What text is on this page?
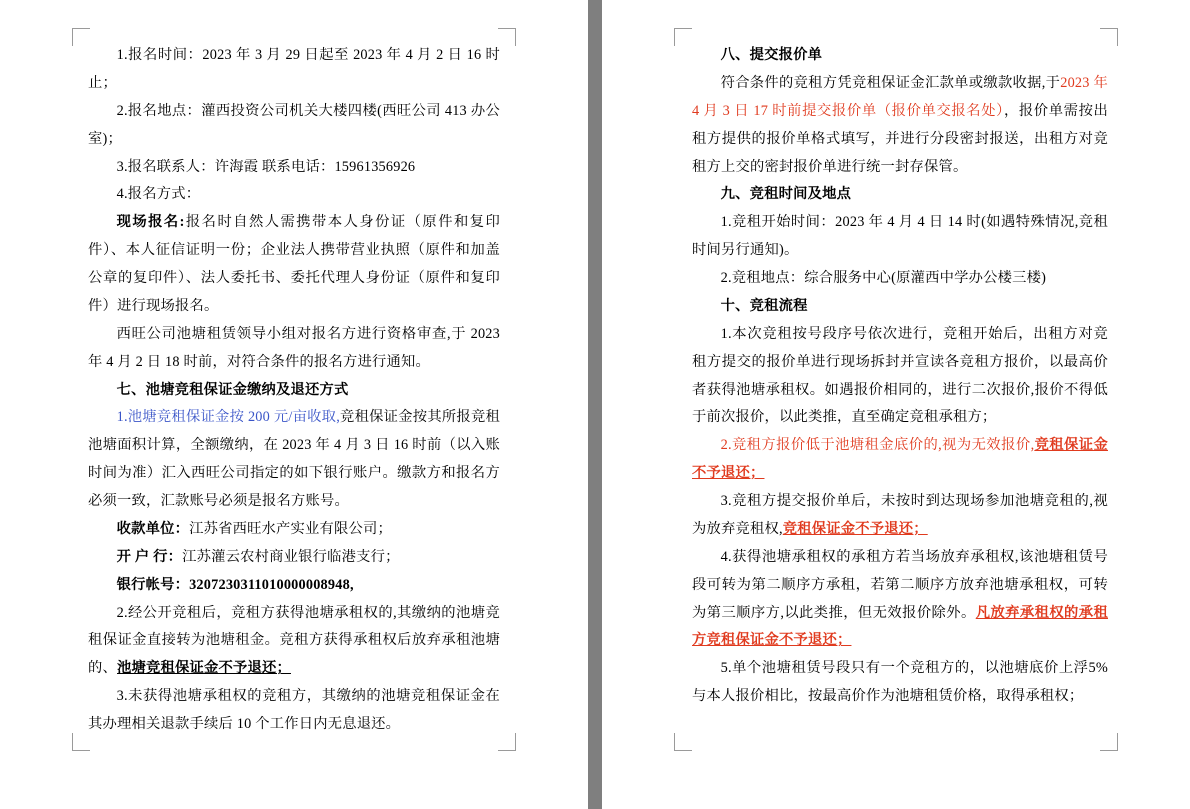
1.报名时间：2023 年 3 月 29 日起至 2023 年 4 月 2 日 16 时止；

2.报名地点：灌西投资公司机关大楼四楼(西旺公司 413 办公室)；

3.报名联系人：许海霞 联系电话：15961356926

4.报名方式：

现场报名:报名时自然人需携带本人身份证（原件和复印件）、本人征信证明一份；企业法人携带营业执照（原件和加盖公章的复印件）、法人委托书、委托代理人身份证（原件和复印件）进行现场报名。

西旺公司池塘租赁领导小组对报名方进行资格审查,于 2023 年 4 月 2 日 18 时前，对符合条件的报名方进行通知。

七、池塘竞租保证金缴纳及退还方式

1.池塘竞租保证金按 200 元/亩收取,竞租保证金按其所报竞租池塘面积计算，全额缴纳，在 2023 年 4 月 3 日 16 时前（以入账时间为准）汇入西旺公司指定的如下银行账户。缴款方和报名方必须一致，汇款账号必须是报名方账号。

收款单位：江苏省西旺水产实业有限公司；

开 户 行：江苏灌云农村商业银行临港支行；

银行帐号：320723031101000000​8948,

2.经公开竞租后，竞租方获得池塘承租权的,其缴纳的池塘竞租保证金直接转为池塘租金。竞租方获得承租权后放弃承租池塘的、池塘竞租保证金不予退还；

3.未获得池塘承租权的竞租方，其缴纳的池塘竞租保证金在其办理相关退款手续后 10 个工作日内无息退还。

八、提交报价单

符合条件的竞租方凭竞租保证金汇款单或缴款收据,于2023 年 4 月 3 日 17 时前提交报价单（报价单交报名处），报价单需按出租方提供的报价单格式填写，并进行分段密封报送，出租方对竞租方上交的密封报价单进行统一封存保管。

九、竞租时间及地点

1.竞租开始时间：2023 年 4 月 4 日 14 时(如遇特殊情况,竞租时间另行通知)。

2.竞租地点：综合服务中心(原灌西中学办公楼三楼)

十、竞租流程

1.本次竞租按号段序号依次进行，竞租开始后，出租方对竞租方提交的报价单进行现场拆封并宣读各竞租方报价，以最高价者获得池塘承租权。如遇报价相同的，进行二次报价,报价不得低于前次报价，以此类推，直至确定竞租承租方；

2.竞租方报价低于池塘租金底价的,视为无效报价,竞租保证金不予退还；

3.竞租方提交报价单后，未按时到达现场参加池塘竞租的,视为放弃竞租权,竞租保证金不予退还；

4.获得池塘承租权的承租方若当场放弃承租权,该池塘租赁号段可转为第二顺序方承租，若第二顺序方放弃池塘承租权，可转为第三顺序方,以此类推，但无效报价除外。凡放弃承租权的承租方竞租保证金不予退还；

5.单个池塘租赁号段只有一个竞租方的，以池塘底价上浮5%与本人报价相比，按最高价作为池塘租赁价格，取得承租权；
